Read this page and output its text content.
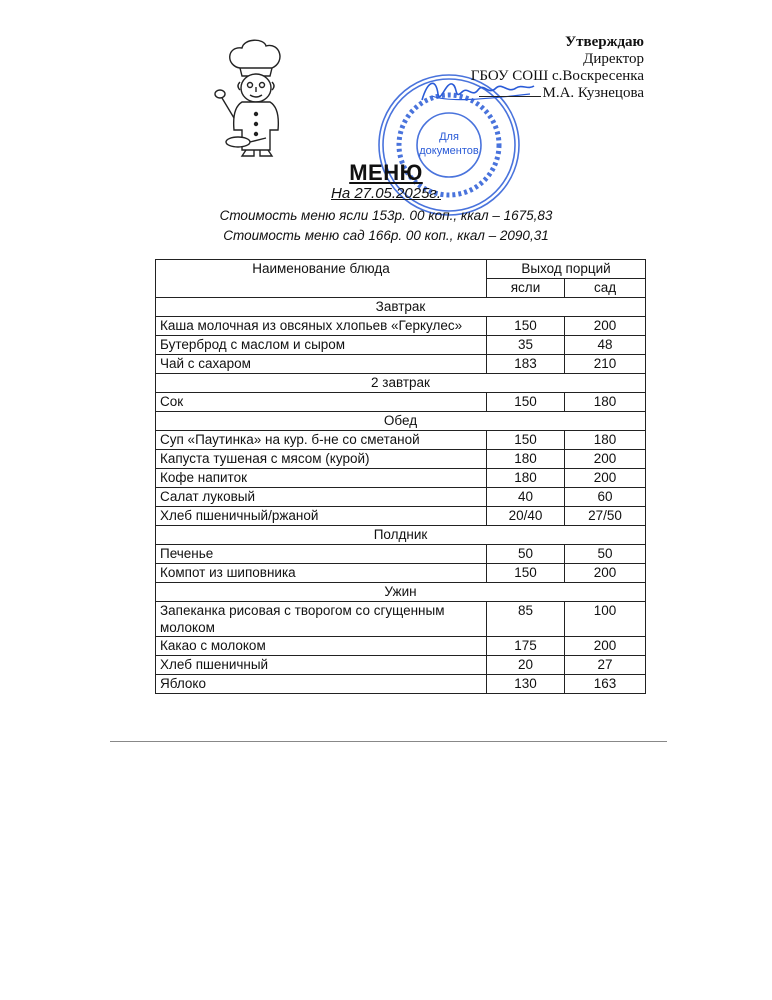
Для
документов
Утверждаю
Директор
ГБОУ СОШ с.Воскресенка
М.А. Кузнецова
МЕНЮ
На 27.05.2025г.
Стоимость меню ясли 153р. 00 коп., ккал – 1675,83
Стоимость меню сад 166р. 00 коп., ккал – 2090,31
Наименование блюда	Выход порций	
	ясли	сад
Завтрак		
Каша молочная из овсяных хлопьев «Геркулес»	150	200
Бутерброд с маслом и сыром	35	48
Чай с сахаром	183	210
2 завтрак		
Сок	150	180
Обед		
Суп «Паутинка» на кур. б-не со сметаной	150	180
Капуста тушеная с мясом (курой)	180	200
Кофе напиток	180	200
Салат луковый	40	60
Хлеб пшеничный/ржаной	20/40	27/50
Полдник		
Печенье	50	50
Компот из шиповника	150	200
Ужин		
Запеканка рисовая с творогом со сгущенным молоком	85	100
Какао с молоком	175	200
Хлеб пшеничный	20	27
Яблоко	130	163
